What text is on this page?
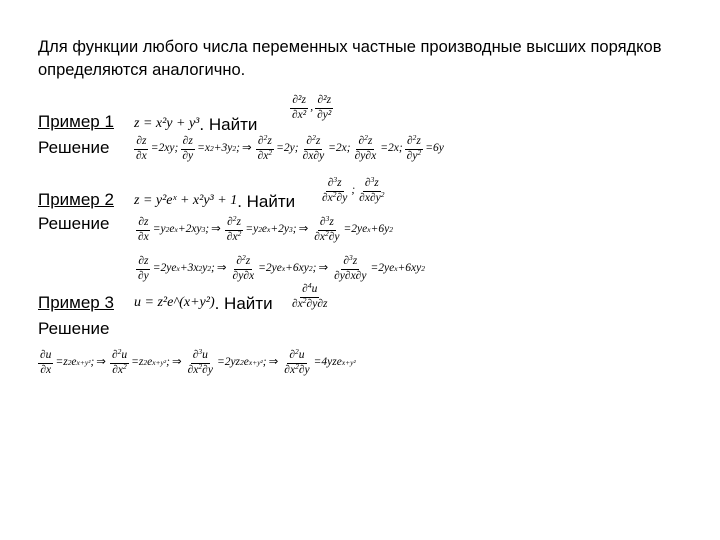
Для функции любого числа переменных частные производные высших порядков определяются аналогично.
Пример 1
Решение
z = x²y + y³ . Найти
$\frac{\text{∂²z}}{\text{∂x²}}$ , $\frac{\text{∂²z}}{\text{∂y²}}$
$\frac{\partial z}{\partial x} =2xy$; $\frac{\partial z}{\partial y} =x$ 2 +3y 2 ; ⇒ $\frac{\partial^2z}{\partial x^2} =2y$; $\frac{\partial^2z}{\partial x\partial y} =2x$; $\frac{\partial^2z}{\partial y\partial x} =2x$; $\frac{\partial^2z}{\partial y^2} =6y$
Пример 2
Решение
z = y²eˣ + x²y³ + 1 . Найти $\frac{\partial^3z}{\partial x^2\partial y}$ ; $\frac{\partial^3z}{\partial x\partial y^2}$
$\frac{\partial z}{\partial x} =y$ 2 e x +2xy 3 ; ⇒ $\frac{\partial^2z}{\partial x^2} =y$ 2 e x +2y 3 ; ⇒ $\frac{\partial^3z}{\partial x^2\partial y} =2ye$ x +6y 2
$\frac{\partial z}{\partial y} =2ye$ x +3x 2 y 2 ; ⇒ $\frac{\partial^2z}{\partial y\partial x} =2ye$ x +6xy 2 ; ⇒ $\frac{\partial^3z}{\partial y\partial x\partial y} =2ye$ x +6xy 2
Пример 3
Решение
u = z²e^(x+y²) . Найти $\frac{\partial^4u}{\partial x^2\partial y\partial z}$
$\frac{\partial u}{\partial x} =z$ 2 e x+y² ; ⇒ $\frac{\partial^2u}{\partial x^2} =z$ 2 e x+y² ; ⇒ $\frac{\partial^3u}{\partial x^2\partial y} =2yz$ 2 e x+y² ; ⇒ $\frac{\partial^2u}{\partial x^2\partial y} =4yze$ x+y²
